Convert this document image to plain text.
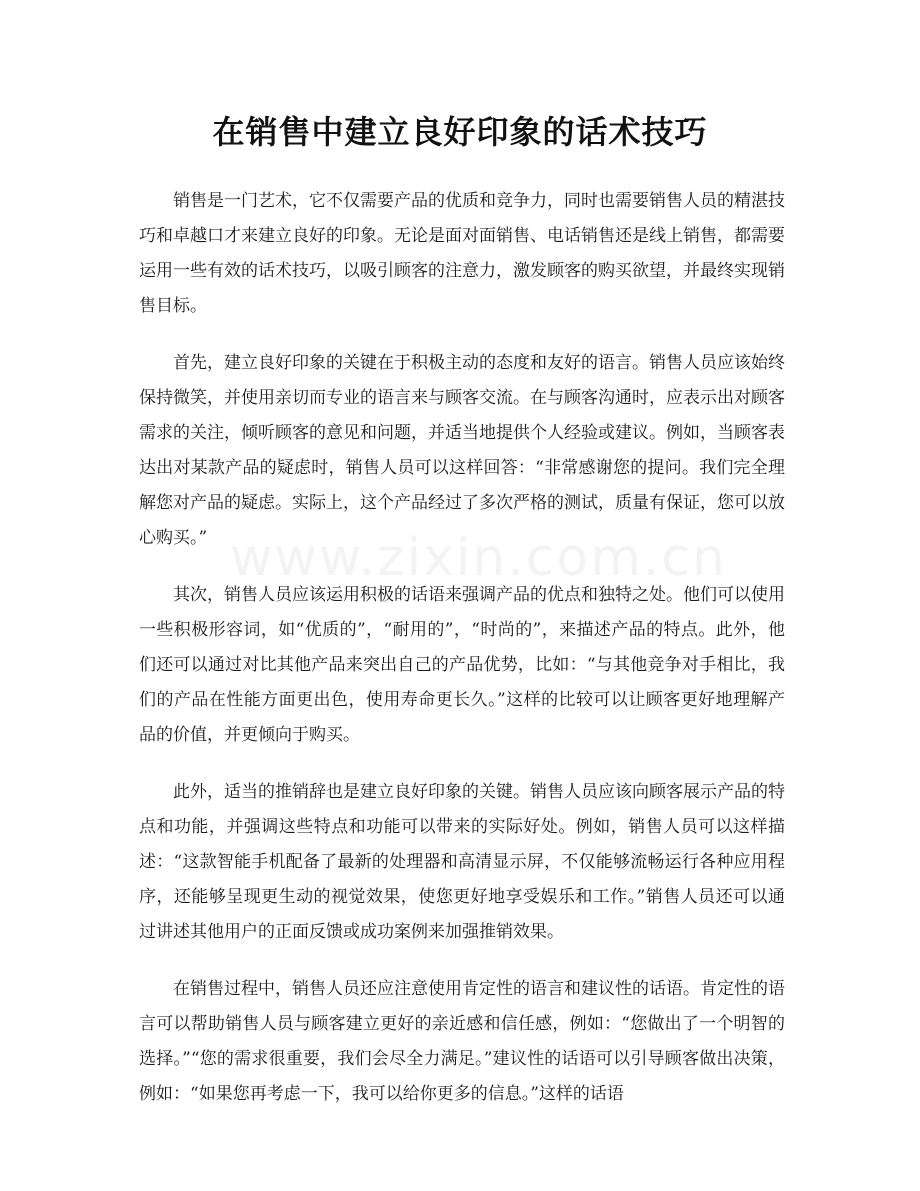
在销售中建立良好印象的话术技巧
www.zixin.com.cn

销售是一门艺术，它不仅需要产品的优质和竞争力，同时也需要销售人员的精湛技巧和卓越口才来建立良好的印象。无论是面对面销售、电话销售还是线上销售，都需要运用一些有效的话术技巧，以吸引顾客的注意力，激发顾客的购买欲望，并最终实现销售目标。

首先，建立良好印象的关键在于积极主动的态度和友好的语言。销售人员应该始终保持微笑，并使用亲切而专业的语言来与顾客交流。在与顾客沟通时，应表示出对顾客需求的关注，倾听顾客的意见和问题，并适当地提供个人经验或建议。例如，当顾客表达出对某款产品的疑虑时，销售人员可以这样回答：“非常感谢您的提问。我们完全理解您对产品的疑虑。实际上，这个产品经过了多次严格的测试，质量有保证，您可以放心购买。”

其次，销售人员应该运用积极的话语来强调产品的优点和独特之处。他们可以使用一些积极形容词，如“优质的”，“耐用的”，“时尚的”，来描述产品的特点。此外，他们还可以通过对比其他产品来突出自己的产品优势，比如：“与其他竞争对手相比，我们的产品在性能方面更出色，使用寿命更长久。”这样的比较可以让顾客更好地理解产品的价值，并更倾向于购买。

此外，适当的推销辞也是建立良好印象的关键。销售人员应该向顾客展示产品的特点和功能，并强调这些特点和功能可以带来的实际好处。例如，销售人员可以这样描述：“这款智能手机配备了最新的处理器和高清显示屏，不仅能够流畅运行各种应用程序，还能够呈现更生动的视觉效果，使您更好地享受娱乐和工作。”销售人员还可以通过讲述其他用户的正面反馈或成功案例来加强推销效果。

在销售过程中，销售人员还应注意使用肯定性的语言和建议性的话语。肯定性的语言可以帮助销售人员与顾客建立更好的亲近感和信任感，例如：“您做出了一个明智的选择。”“您的需求很重要，我们会尽全力满足。”建议性的话语可以引导顾客做出决策，例如：“如果您再考虑一下，我可以给你更多的信息。”这样的话语
